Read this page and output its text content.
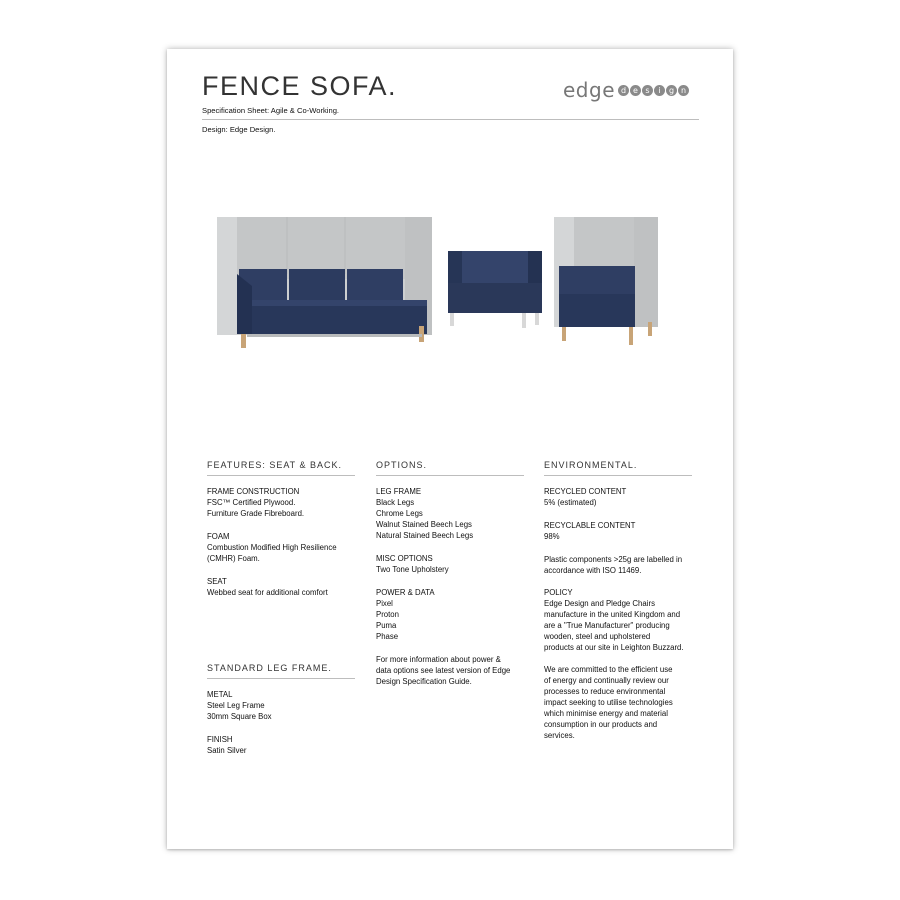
FENCE SOFA.
Specification Sheet: Agile & Co-Working.
Design: Edge Design.
edge d e s	i	g n
FEATURES: SEAT & BACK.
FRAME CONSTRUCTION
FSC™ Certified Plywood.
Furniture Grade Fibreboard.
FOAM
Combustion Modified High Resilience
(CMHR) Foam.
SEAT
Webbed seat for additional comfort
STANDARD LEG FRAME.
METAL
Steel Leg Frame
30mm Square Box
FINISH
Satin Silver
OPTIONS.
LEG FRAME
Black Legs
Chrome Legs
Walnut Stained Beech Legs
Natural Stained Beech Legs
MISC OPTIONS
Two Tone Upholstery
POWER & DATA
Pixel
Proton
Puma
Phase
For more information about power &
data options see latest version of Edge
Design Specification Guide.
ENVIRONMENTAL.
RECYCLED CONTENT
5% (estimated)
RECYCLABLE CONTENT
98%
Plastic components >25g are labelled in
accordance with ISO 11469.
POLICY
Edge Design and Pledge Chairs
manufacture in the united Kingdom and
are a "True Manufacturer" producing
wooden, steel and upholstered
products at our site in Leighton Buzzard.
We are committed to the efficient use
of energy and continually review our
processes to reduce environmental
impact seeking to utilise technologies
which minimise energy and material
consumption in our products and
services.
